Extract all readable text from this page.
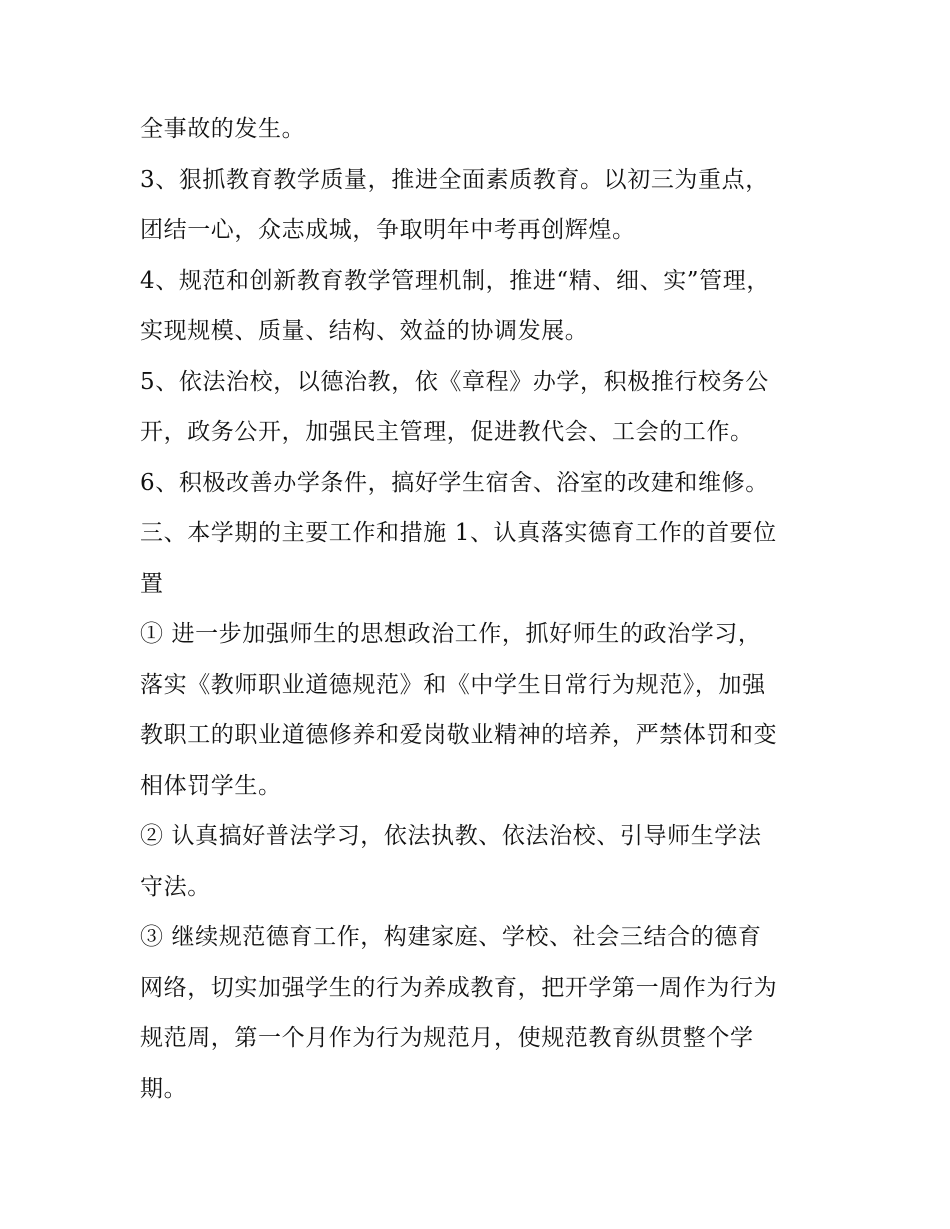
全事故的发生。

3、狠抓教育教学质量，推进全面素质教育。以初三为重点，
团结一心，众志成城，争取明年中考再创辉煌。

4、规范和创新教育教学管理机制，推进“精、细、实”管理，
实现规模、质量、结构、效益的协调发展。

5、依法治校，以德治教，依《章程》办学，积极推行校务公
开，政务公开，加强民主管理，促进教代会、工会的工作。

6、积极改善办学条件，搞好学生宿舍、浴室的改建和维修。

三、本学期的主要工作和措施 1、认真落实德育工作的首要位
置

① 进一步加强师生的思想政治工作，抓好师生的政治学习，
落实《教师职业道德规范》和《中学生日常行为规范》，加强
教职工的职业道德修养和爱岗敬业精神的培养，严禁体罚和变
相体罚学生。

② 认真搞好普法学习，依法执教、依法治校、引导师生学法
守法。

③ 继续规范德育工作，构建家庭、学校、社会三结合的德育
网络，切实加强学生的行为养成教育，把开学第一周作为行为
规范周，第一个月作为行为规范月，使规范教育纵贯整个学
期。
